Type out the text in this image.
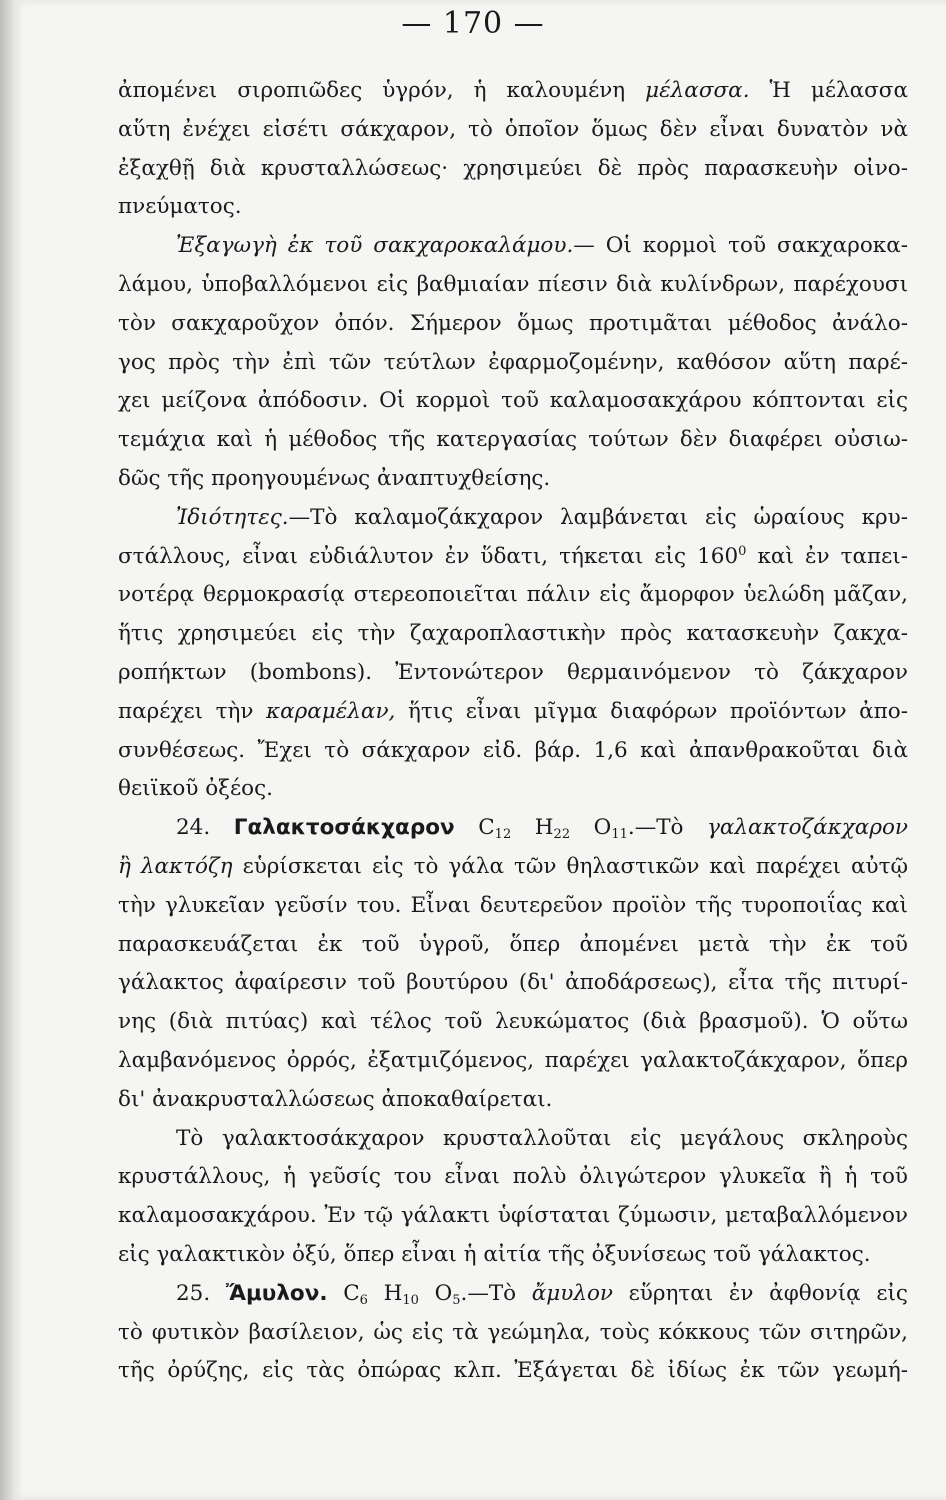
— 170 —
ἀπομένει σιροπιῶδες ὑγρόν, ἡ καλουμένη μέλασσα. Ἡ μέλασσα
αὕτη ἐνέχει εἰσέτι σάκχαρον, τὸ ὁποῖον ὅμως δὲν εἶναι δυνατὸν νὰ
ἐξαχθῇ διὰ κρυσταλλώσεως· χρησιμεύει δὲ πρὸς παρασκευὴν οἰνο-
πνεύματος.
Ἐξαγωγὴ ἐκ τοῦ σακχαροκαλάμου.— Οἱ κορμοὶ τοῦ σακχαροκα-
λάμου, ὑποβαλλόμενοι εἰς βαθμιαίαν πίεσιν διὰ κυλίνδρων, παρέχουσι
τὸν σακχαροῦχον ὀπόν. Σήμερον ὅμως προτιμᾶται μέθοδος ἀνάλο-
γος πρὸς τὴν ἐπὶ τῶν τεύτλων ἐφαρμοζομένην, καθόσον αὕτη παρέ-
χει μείζονα ἀπόδοσιν. Οἱ κορμοὶ τοῦ καλαμοσακχάρου κόπτονται εἰς
τεμάχια καὶ ἡ μέθοδος τῆς κατεργασίας τούτων δὲν διαφέρει οὐσιω-
δῶς τῆς προηγουμένως ἀναπτυχθείσης.
Ἰδιότητες.—Τὸ καλαμοζάκχαρον λαμβάνεται εἰς ὡραίους κρυ-
στάλλους, εἶναι εὐδιάλυτον ἐν ὕδατι, τήκεται εἰς $160^0$ καὶ ἐν ταπει-
νοτέρᾳ θερμοκρασίᾳ στερεοποιεῖται πάλιν εἰς ἄμορφον ὑελώδη μᾶζαν,
ἥτις χρησιμεύει εἰς τὴν ζαχαροπλαστικὴν πρὸς κατασκευὴν ζακχα-
ροπήκτων (bombons). Ἐντονώτερον θερμαινόμενον τὸ ζάκχαρον
παρέχει τὴν καραμέλαν, ἥτις εἶναι μῖγμα διαφόρων προϊόντων ἀπο-
συνθέσεως. Ἔχει τὸ σάκχαρον εἰδ. βάρ. 1,6 καὶ ἀπανθρακοῦται διὰ
θειϊκοῦ ὀξέος.
24. Γαλακτοσάκχαρον $C_{12}$ $H_{22}$ $O_{11}.—Tὸ$ γαλακτοζάκχαρον
ἢ λακτόζη εὑρίσκεται εἰς τὸ γάλα τῶν θηλαστικῶν καὶ παρέχει αὐτῷ
τὴν γλυκεῖαν γεῦσίν του. Εἶναι δευτερεῦον προϊὸν τῆς τυροποιΐας καὶ
παρασκευάζεται ἐκ τοῦ ὑγροῦ, ὅπερ ἀπομένει μετὰ τὴν ἐκ τοῦ
γάλακτος ἀφαίρεσιν τοῦ βουτύρου (δι' ἀποδάρσεως), εἶτα τῆς πιτυρί-
νης (διὰ πιτύας) καὶ τέλος τοῦ λευκώματος (διὰ βρασμοῦ). Ὁ οὕτω
λαμβανόμενος ὀρρός, ἐξατμιζόμενος, παρέχει γαλακτοζάκχαρον, ὅπερ
δι' ἀνακρυσταλλώσεως ἀποκαθαίρεται.
Τὸ γαλακτοσάκχαρον κρυσταλλοῦται εἰς μεγάλους σκληροὺς
κρυστάλλους, ἡ γεῦσίς του εἶναι πολὺ ὀλιγώτερον γλυκεῖα ἢ ἡ τοῦ
καλαμοσακχάρου. Ἐν τῷ γάλακτι ὑφίσταται ζύμωσιν, μεταβαλλόμενον
εἰς γαλακτικὸν ὀξύ, ὅπερ εἶναι ἡ αἰτία τῆς ὀξυνίσεως τοῦ γάλακτος.
25. Ἄμυλον. $C_6$ $H_{10}$ $O_5.—Tὸ$ ἄμυλον εὕρηται ἐν ἀφθονίᾳ εἰς
τὸ φυτικὸν βασίλειον, ὡς εἰς τὰ γεώμηλα, τοὺς κόκκους τῶν σιτηρῶν,
τῆς ὀρύζης, εἰς τὰς ὀπώρας κλπ. Ἐξάγεται δὲ ἰδίως ἐκ τῶν γεωμή-
